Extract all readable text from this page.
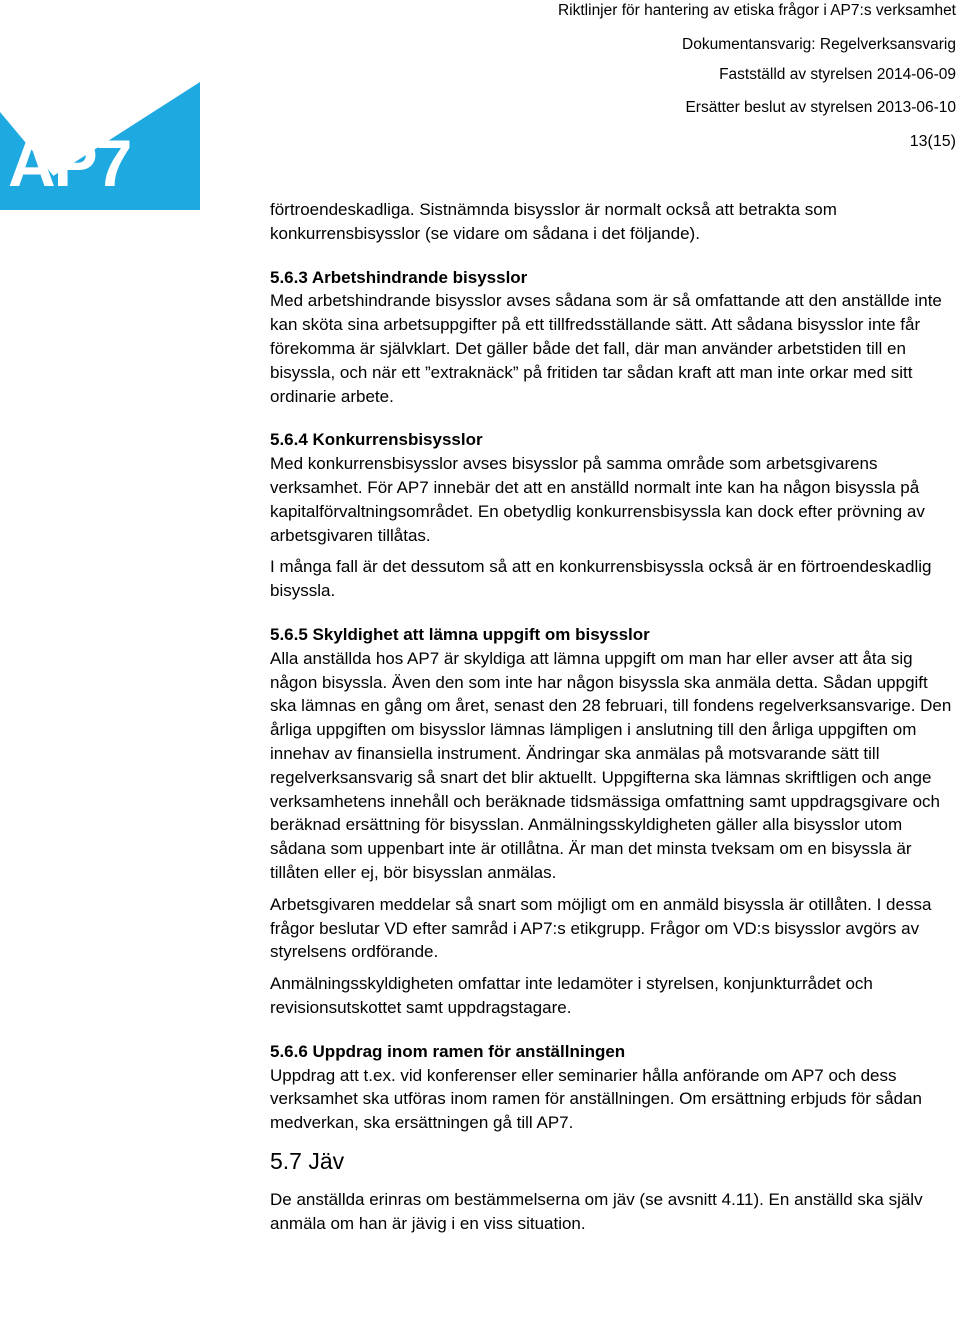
AP7
Riktlinjer för hantering av etiska frågor i AP7:s verksamhet
Dokumentansvarig: Regelverksansvarig
Fastställd av styrelsen 2014-06-09
Ersätter beslut av styrelsen 2013-06-10
13(15)

förtroendeskadliga. Sistnämnda bisysslor är normalt också att betrakta som konkurrensbisysslor (se vidare om sådana i det följande).

5.6.3 Arbetshindrande bisysslor

Med arbetshindrande bisysslor avses sådana som är så omfattande att den anställde inte kan sköta sina arbetsuppgifter på ett tillfredsställande sätt. Att sådana bisysslor inte får förekomma är självklart. Det gäller både det fall, där man använder arbetstiden till en bisyssla, och när ett ”extraknäck” på fritiden tar sådan kraft att man inte orkar med sitt ordinarie arbete.

5.6.4 Konkurrensbisysslor

Med konkurrensbisysslor avses bisysslor på samma område som arbetsgivarens verksamhet. För AP7 innebär det att en anställd normalt inte kan ha någon bisyssla på kapitalförvaltningsområdet. En obetydlig konkurrensbisyssla kan dock efter prövning av arbetsgivaren tillåtas.

I många fall är det dessutom så att en konkurrensbisyssla också är en förtroendeskadlig bisyssla.

5.6.5 Skyldighet att lämna uppgift om bisysslor

Alla anställda hos AP7 är skyldiga att lämna uppgift om man har eller avser att åta sig någon bisyssla. Även den som inte har någon bisyssla ska anmäla detta. Sådan uppgift ska lämnas en gång om året, senast den 28 februari, till fondens regelverksansvarige. Den årliga uppgiften om bisysslor lämnas lämpligen i anslutning till den årliga uppgiften om innehav av finansiella instrument. Ändringar ska anmälas på motsvarande sätt till regelverksansvarig så snart det blir aktuellt. Uppgifterna ska lämnas skriftligen och ange verksamhetens innehåll och beräknade tidsmässiga omfattning samt uppdragsgivare och beräknad ersättning för bisysslan. Anmälningsskyldigheten gäller alla bisysslor utom sådana som uppenbart inte är otillåtna. Är man det minsta tveksam om en bisyssla är tillåten eller ej, bör bisysslan anmälas.

Arbetsgivaren meddelar så snart som möjligt om en anmäld bisyssla är otillåten. I dessa frågor beslutar VD efter samråd i AP7:s etikgrupp. Frågor om VD:s bisysslor avgörs av styrelsens ordförande.

Anmälningsskyldigheten omfattar inte ledamöter i styrelsen, konjunkturrådet och revisionsutskottet samt uppdragstagare.

5.6.6 Uppdrag inom ramen för anställningen

Uppdrag att t.ex. vid konferenser eller seminarier hålla anförande om AP7 och dess verksamhet ska utföras inom ramen för anställningen. Om ersättning erbjuds för sådan medverkan, ska ersättningen gå till AP7.

5.7 Jäv

De anställda erinras om bestämmelserna om jäv (se avsnitt 4.11). En anställd ska själv anmäla om han är jävig i en viss situation.
